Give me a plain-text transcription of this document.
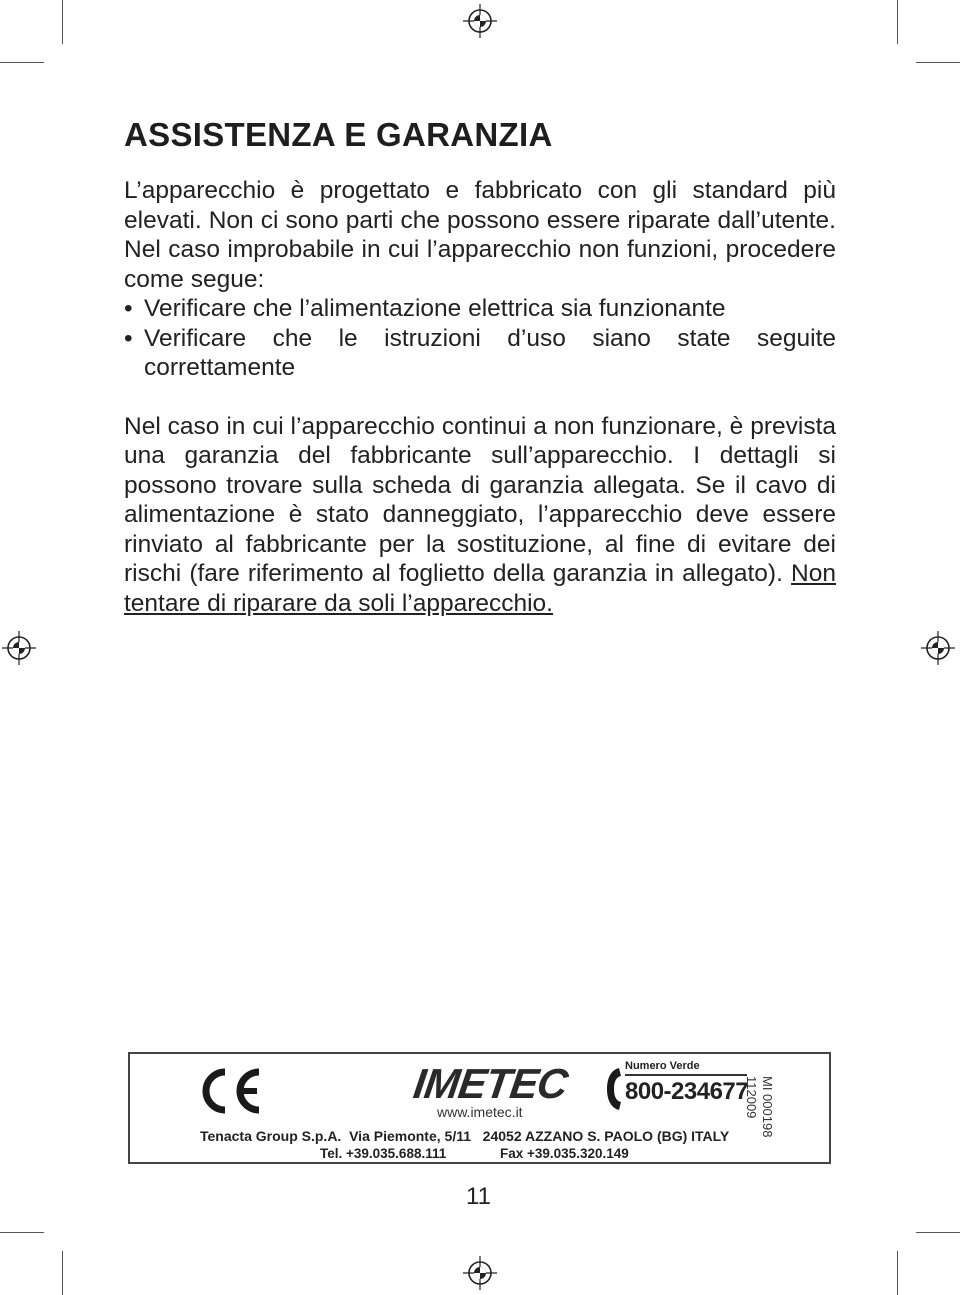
ASSISTENZA E GARANZIA

L’apparecchio è progettato e fabbricato con gli standard più elevati. Non ci sono parti che possono essere riparate dall’utente. Nel caso improbabile in cui l’apparecchio non funzioni, procedere come segue:

• Verificare che l’alimentazione elettrica sia funzionante
• Verificare che le istruzioni d’uso siano state seguite correttamente

Nel caso in cui l’apparecchio continui a non funzionare, è prevista una garanzia del fabbricante sull’apparecchio. I dettagli si possono trovare sulla scheda di garanzia allegata. Se il cavo di alimentazione è stato danneggiato, l’apparecchio deve essere rinviato al fabbricante per la sostituzione, al fine di evitare dei rischi (fare riferimento al foglietto della garanzia in allegato). Non tentare di riparare da soli l’apparecchio.

IMETEC
www.imetec.it
Numero Verde
800-234677
Tenacta Group S.p.A.  Via Piemonte, 5/11   24052 AZZANO S. PAOLO (BG) ITALY
Tel. +39.035.688.111	Fax +39.035.320.149
MI 000198
112009
11
